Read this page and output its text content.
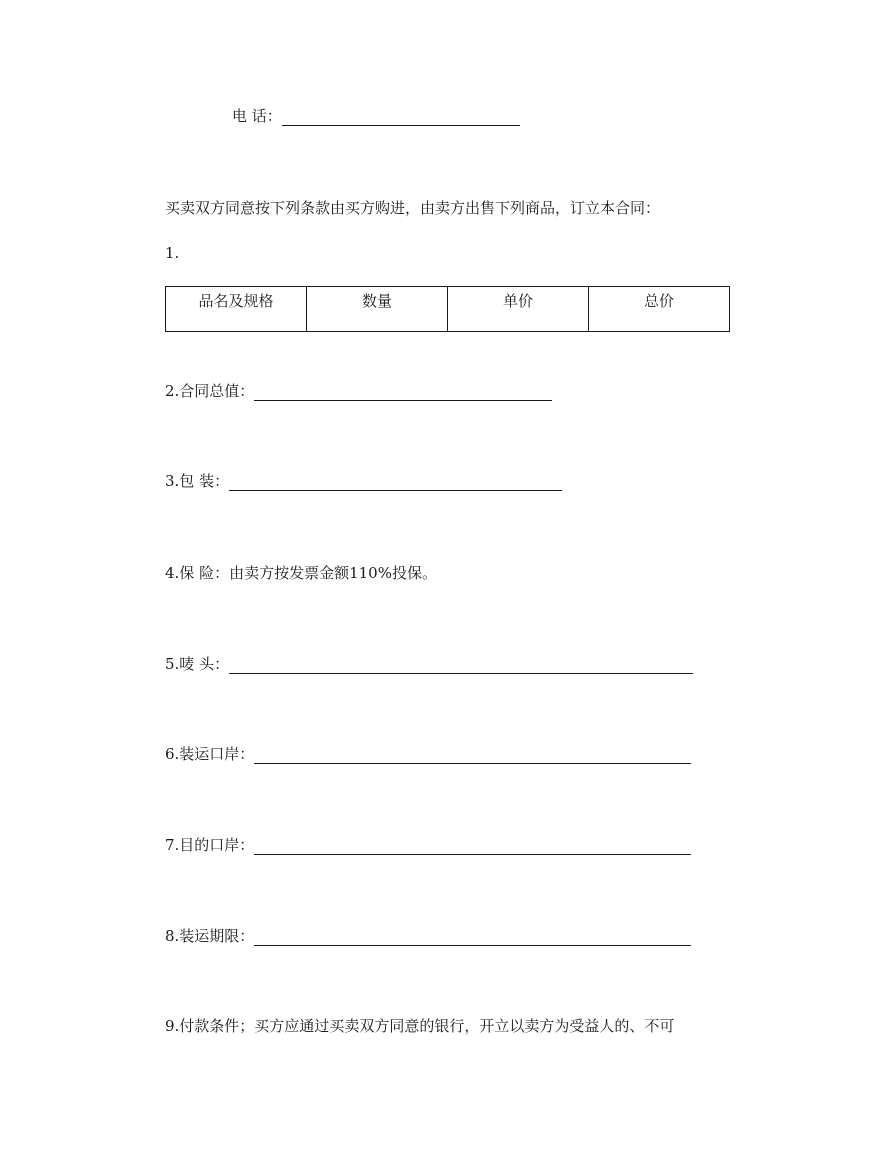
电 话：
买卖双方同意按下列条款由买方购进，由卖方出售下列商品，订立本合同：
1.
品名及规格	数量	单价	总价
2.合同总值：
3.包 装：
4.保 险：由卖方按发票金额110%投保。
5.唛 头：
6.装运口岸：
7.目的口岸：
8.装运期限：
9.付款条件；买方应通过买卖双方同意的银行，开立以卖方为受益人的、不可
